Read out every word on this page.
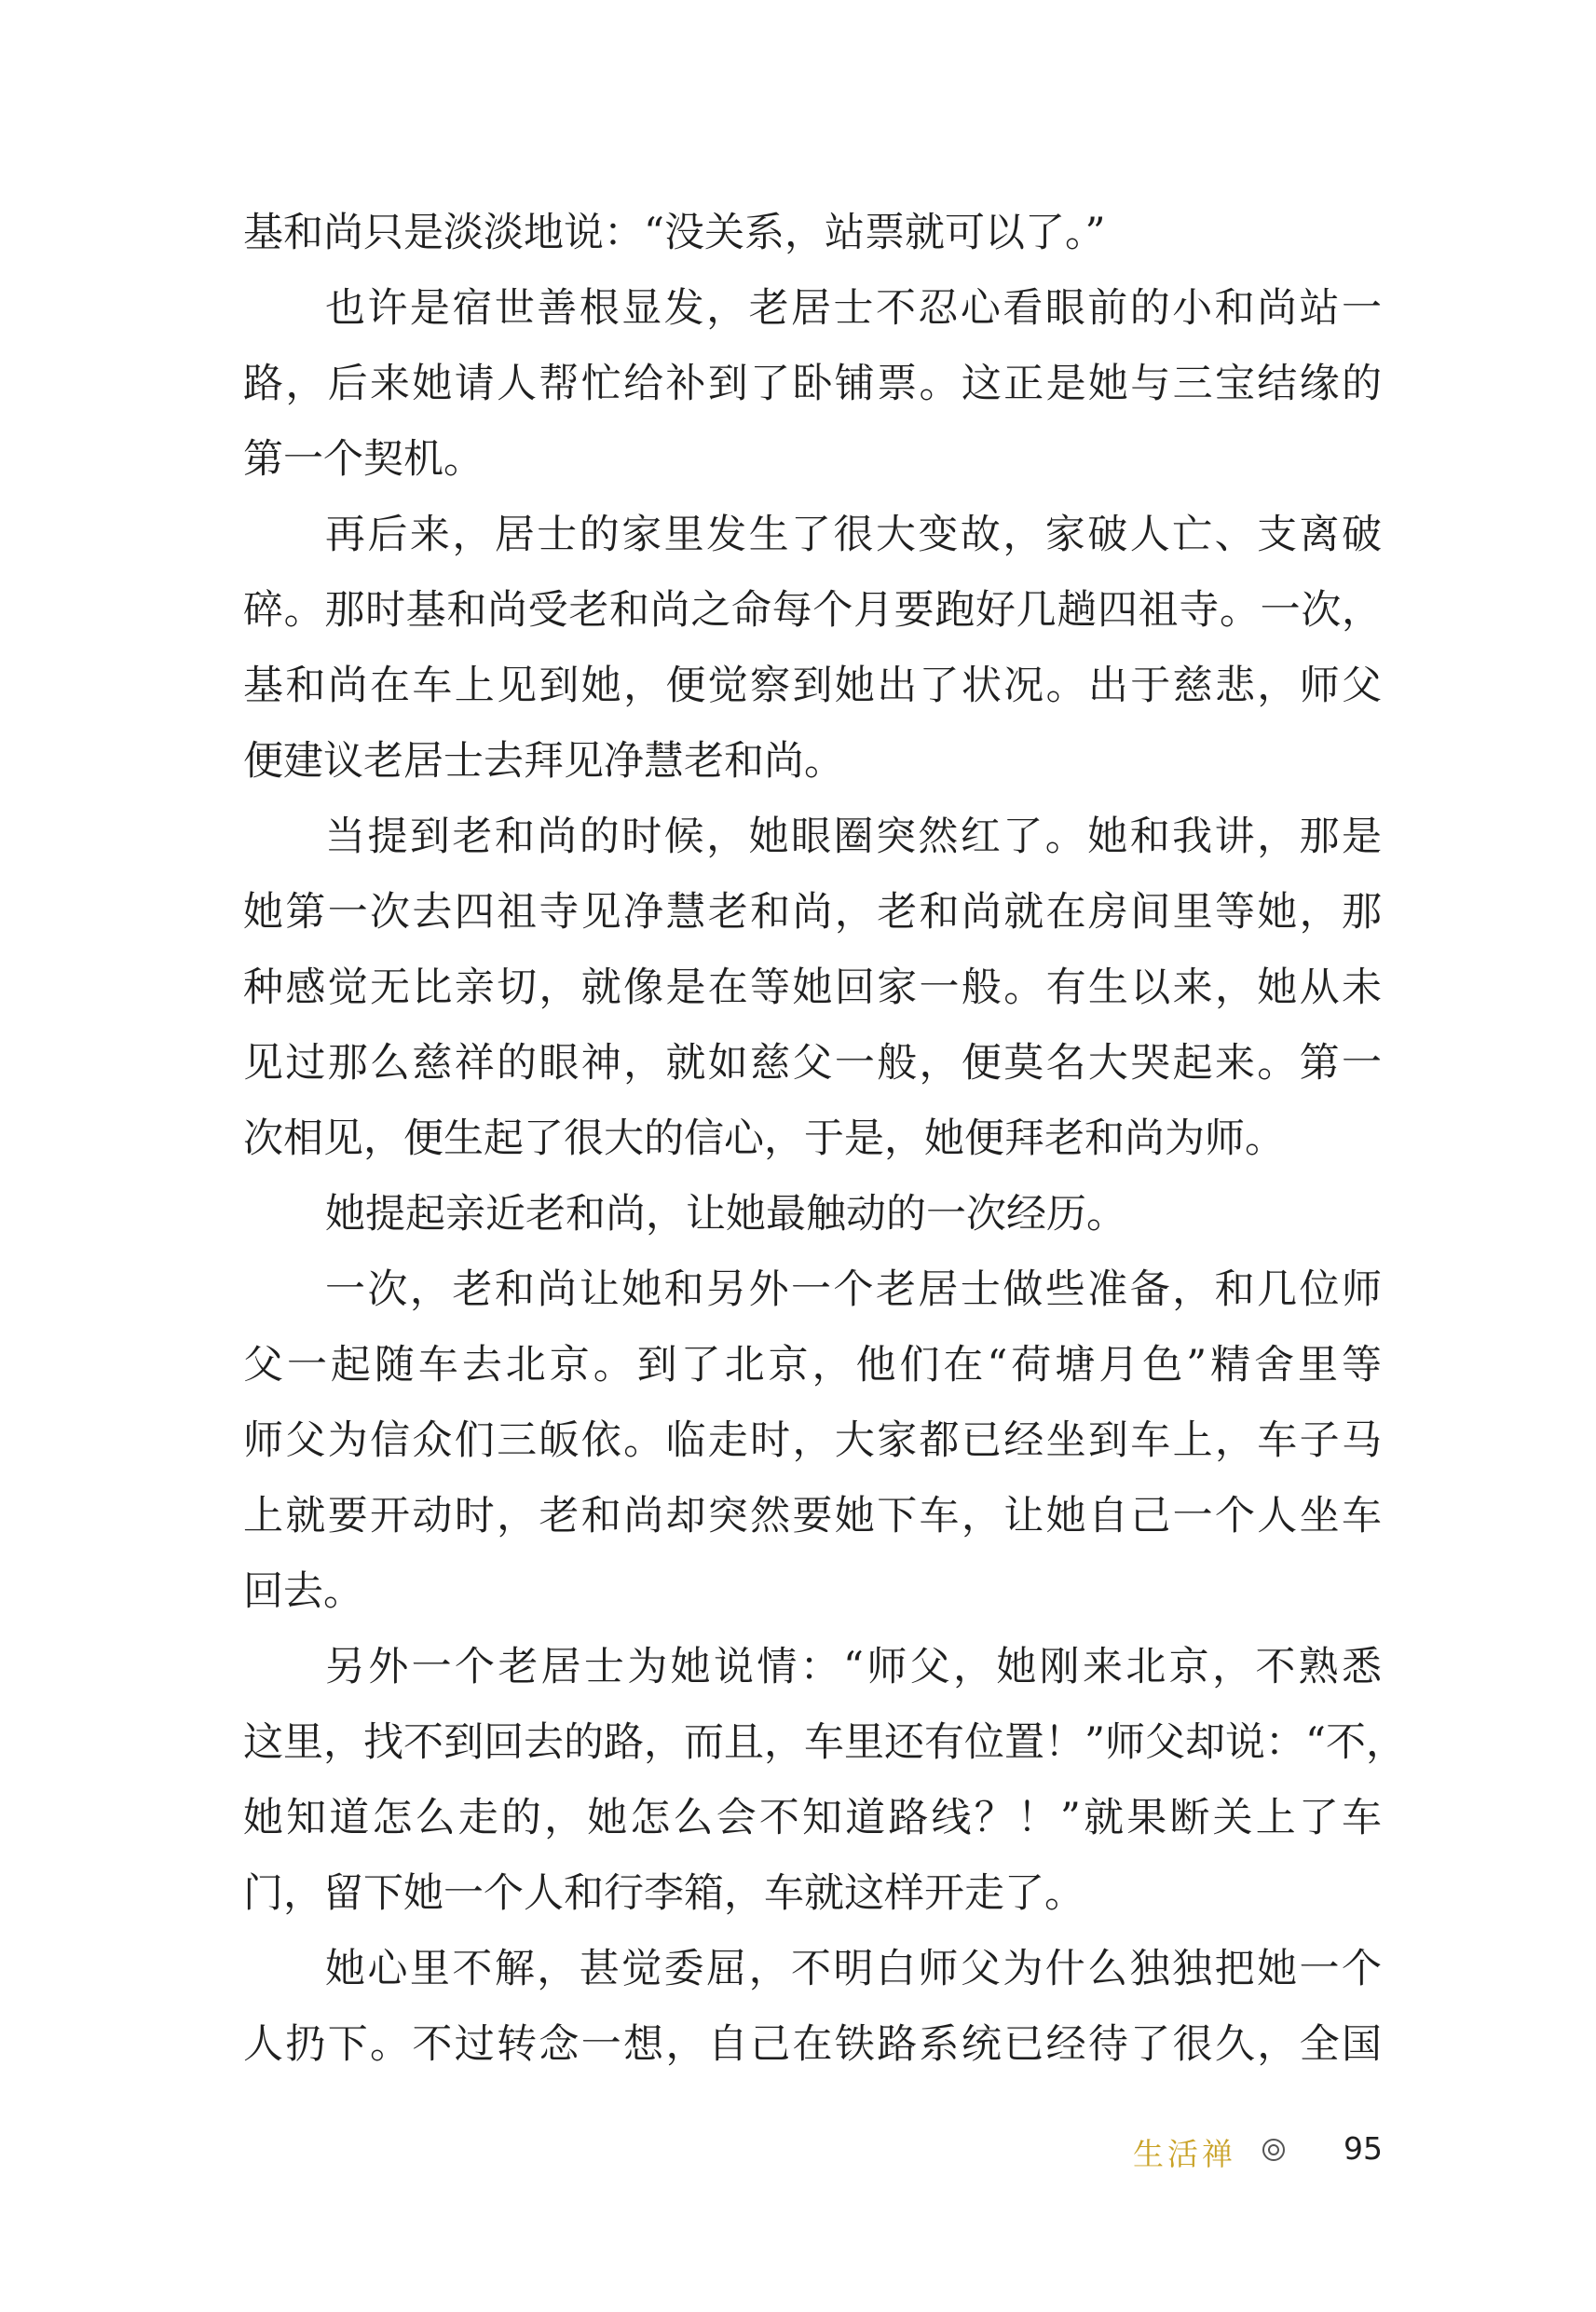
基和尚只是淡淡地说：“没关系，站票就可以了。”
也许是宿世善根显发，老居士不忍心看眼前的小和尚站一
路，后来她请人帮忙给补到了卧铺票。这正是她与三宝结缘的
第一个契机。
再后来，居士的家里发生了很大变故，家破人亡、支离破
碎。那时基和尚受老和尚之命每个月要跑好几趟四祖寺。一次，
基和尚在车上见到她，便觉察到她出了状况。出于慈悲，师父
便建议老居士去拜见净慧老和尚。
当提到老和尚的时候，她眼圈突然红了。她和我讲，那是
她第一次去四祖寺见净慧老和尚，老和尚就在房间里等她，那
种感觉无比亲切，就像是在等她回家一般。有生以来，她从未
见过那么慈祥的眼神，就如慈父一般，便莫名大哭起来。第一
次相见，便生起了很大的信心，于是，她便拜老和尚为师。
她提起亲近老和尚，让她最触动的一次经历。
一次，老和尚让她和另外一个老居士做些准备，和几位师
父一起随车去北京。到了北京，他们在“荷塘月色”精舍里等
师父为信众们三皈依。临走时，大家都已经坐到车上，车子马
上就要开动时，老和尚却突然要她下车，让她自己一个人坐车
回去。
另外一个老居士为她说情：“师父，她刚来北京，不熟悉
这里，找不到回去的路，而且，车里还有位置！”师父却说：“不，
她知道怎么走的，她怎么会不知道路线？！”就果断关上了车
门，留下她一个人和行李箱，车就这样开走了。
她心里不解，甚觉委屈，不明白师父为什么独独把她一个
人扔下。不过转念一想，自己在铁路系统已经待了很久，全国
生活禅	95
